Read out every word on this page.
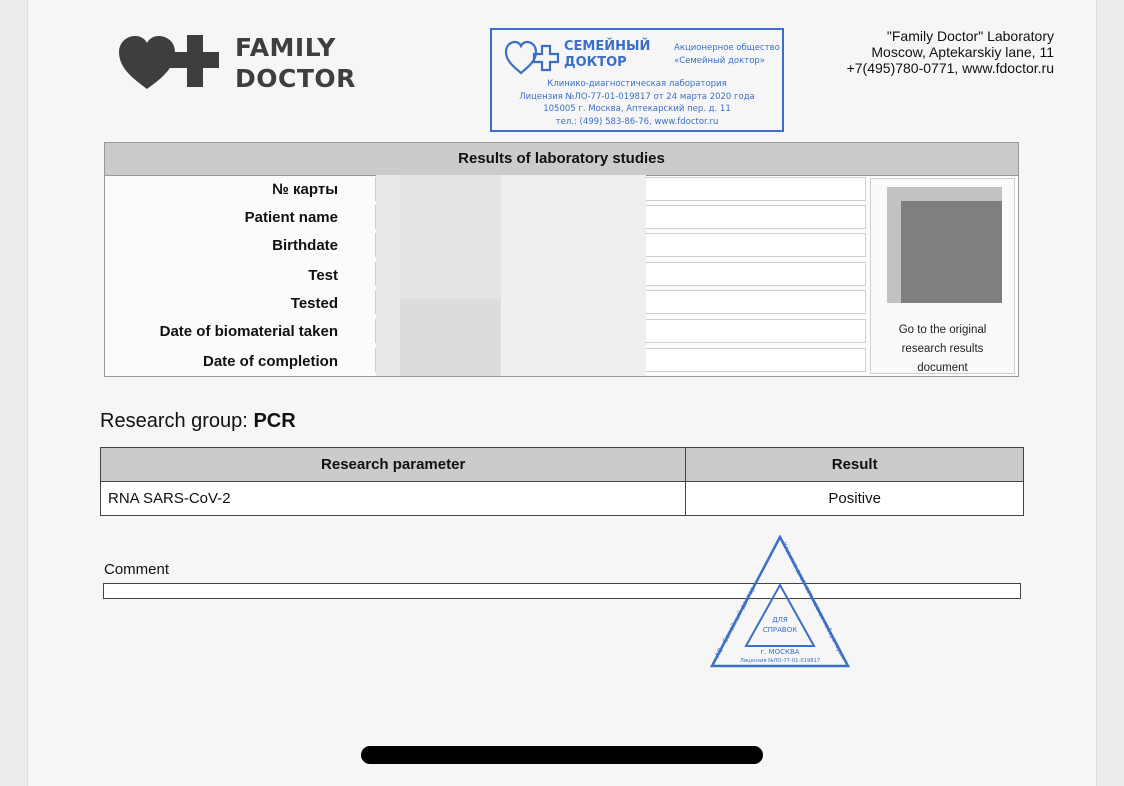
FAMILY
DOCTOR
СЕМЕЙНЫЙ
ДОКТОР
Акционерное общество
«Семейный доктор»
Клинико-диагностическая лаборатория
Лицензия №ЛО-77-01-019817 от 24 марта 2020 года
105005 г. Москва, Аптекарский пер. д. 11
тел.: (499) 583-86-76, www.fdoctor.ru
"Family Doctor" Laboratory
Moscow, Aptekarskiy lane, 11
+7(495)780-0771, www.fdoctor.ru
Results of laboratory studies
№ карты
Patient name
Birthdate
Test
Tested
Date of biomaterial taken
Date of completion
Go to the original research results document
Research group: PCR
Research parameter	Result
RNA SARS-CoV-2	Positive
Comment
АО «Семейный доктор»
Клинико-диагностическая лаборатория
ДЛЯ
СПРАВОК
г. МОСКВА
Лицензия №ЛО-77-01-019817
